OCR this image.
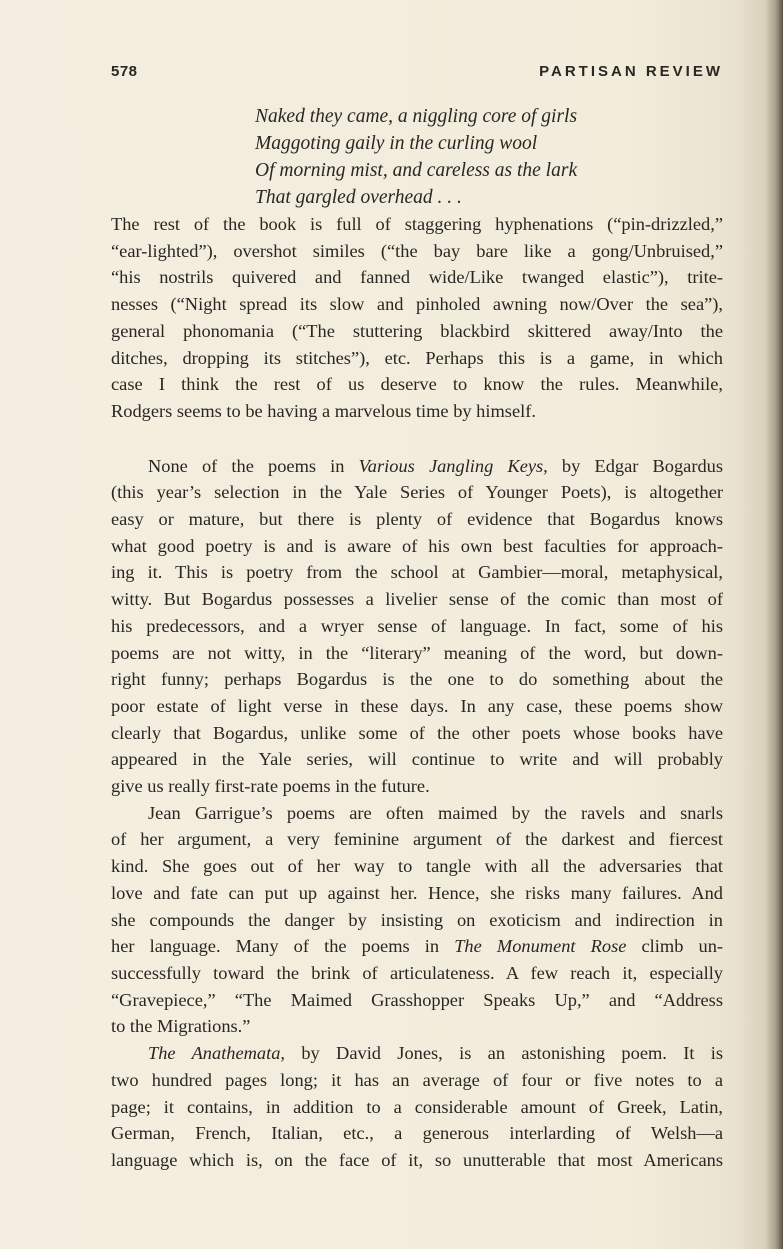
578	PARTISAN REVIEW
Naked they came, a niggling core of girls
Maggoting gaily in the curling wool
Of morning mist, and careless as the lark
That gargled overhead . . .
The rest of the book is full of staggering hyphenations (“pin-drizzled,”
“ear-lighted”), overshot similes (“the bay bare like a gong/Unbruised,”
“his nostrils quivered and fanned wide/Like twanged elastic”), trite-
nesses (“Night spread its slow and pinholed awning now/Over the sea”),
general phonomania (“The stuttering blackbird skittered away/Into the
ditches, dropping its stitches”), etc. Perhaps this is a game, in which
case I think the rest of us deserve to know the rules. Meanwhile,
Rodgers seems to be having a marvelous time by himself.
None of the poems in Various Jangling Keys, by Edgar Bogardus
(this year’s selection in the Yale Series of Younger Poets), is altogether
easy or mature, but there is plenty of evidence that Bogardus knows
what good poetry is and is aware of his own best faculties for approach-
ing it. This is poetry from the school at Gambier—moral, metaphysical,
witty. But Bogardus possesses a livelier sense of the comic than most of
his predecessors, and a wryer sense of language. In fact, some of his
poems are not witty, in the “literary” meaning of the word, but down-
right funny; perhaps Bogardus is the one to do something about the
poor estate of light verse in these days. In any case, these poems show
clearly that Bogardus, unlike some of the other poets whose books have
appeared in the Yale series, will continue to write and will probably
give us really first-rate poems in the future.
Jean Garrigue’s poems are often maimed by the ravels and snarls
of her argument, a very feminine argument of the darkest and fiercest
kind. She goes out of her way to tangle with all the adversaries that
love and fate can put up against her. Hence, she risks many failures. And
she compounds the danger by insisting on exoticism and indirection in
her language. Many of the poems in The Monument Rose climb un-
successfully toward the brink of articulateness. A few reach it, especially
“Gravepiece,” “The Maimed Grasshopper Speaks Up,” and “Address
to the Migrations.”
The Anathemata, by David Jones, is an astonishing poem. It is
two hundred pages long; it has an average of four or five notes to a
page; it contains, in addition to a considerable amount of Greek, Latin,
German, French, Italian, etc., a generous interlarding of Welsh—a
language which is, on the face of it, so unutterable that most Americans
